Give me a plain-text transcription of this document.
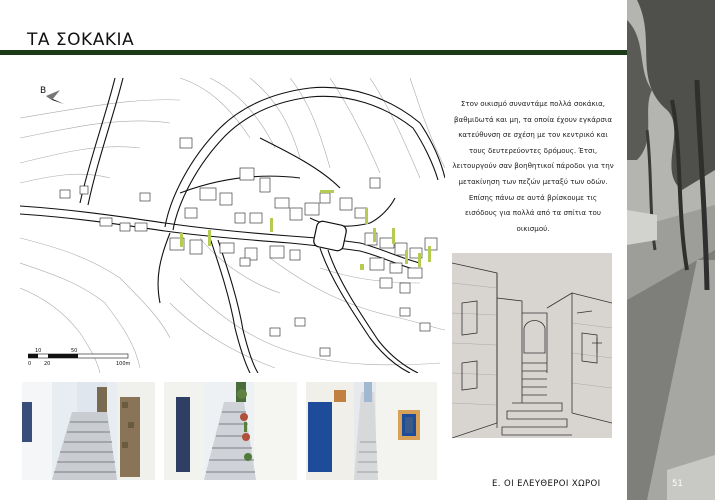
ΤΑ ΣΟΚΑΚΙΑ
Β
10	50
0	20	100m
Στον οικισμό συναντάμε πολλά σοκάκια, βαθμιδωτά και μη, τα οποία έχουν εγκάρσια κατεύθυνση σε σχέση με τον κεντρικό και τους δευτερεύοντες δρόμους. Έτσι, λειτουργούν σαν βοηθητικοί πάροδοι για την μετακίνηση των πεζών μεταξύ των οδών. Επίσης πάνω σε αυτά βρίσκουμε τις εισόδους για πολλά από τα σπίτια του οικισμού.
Ε. ΟΙ ΕΛΕΥΘΕΡΟΙ ΧΩΡΟΙ	51
